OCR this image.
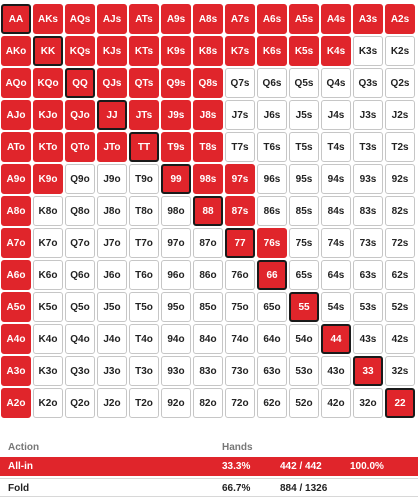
AA	AKs	AQs	AJs	ATs	A9s	A8s	A7s	A6s	A5s	A4s	A3s	A2s
AKo	KK	KQs	KJs	KTs	K9s	K8s	K7s	K6s	K5s	K4s	K3s	K2s
AQo	KQo	QQ	QJs	QTs	Q9s	Q8s	Q7s	Q6s	Q5s	Q4s	Q3s	Q2s
AJo	KJo	QJo	JJ	JTs	J9s	J8s	J7s	J6s	J5s	J4s	J3s	J2s
ATo	KTo	QTo	JTo	TT	T9s	T8s	T7s	T6s	T5s	T4s	T3s	T2s
A9o	K9o	Q9o	J9o	T9o	99	98s	97s	96s	95s	94s	93s	92s
A8o	K8o	Q8o	J8o	T8o	98o	88	87s	86s	85s	84s	83s	82s
A7o	K7o	Q7o	J7o	T7o	97o	87o	77	76s	75s	74s	73s	72s
A6o	K6o	Q6o	J6o	T6o	96o	86o	76o	66	65s	64s	63s	62s
A5o	K5o	Q5o	J5o	T5o	95o	85o	75o	65o	55	54s	53s	52s
A4o	K4o	Q4o	J4o	T4o	94o	84o	74o	64o	54o	44	43s	42s
A3o	K3o	Q3o	J3o	T3o	93o	83o	73o	63o	53o	43o	33	32s
A2o	K2o	Q2o	J2o	T2o	92o	82o	72o	62o	52o	42o	32o	22
Action	Hands
All-in	33.3%	442 / 442	100.0%
Fold	66.7%	884 / 1326
